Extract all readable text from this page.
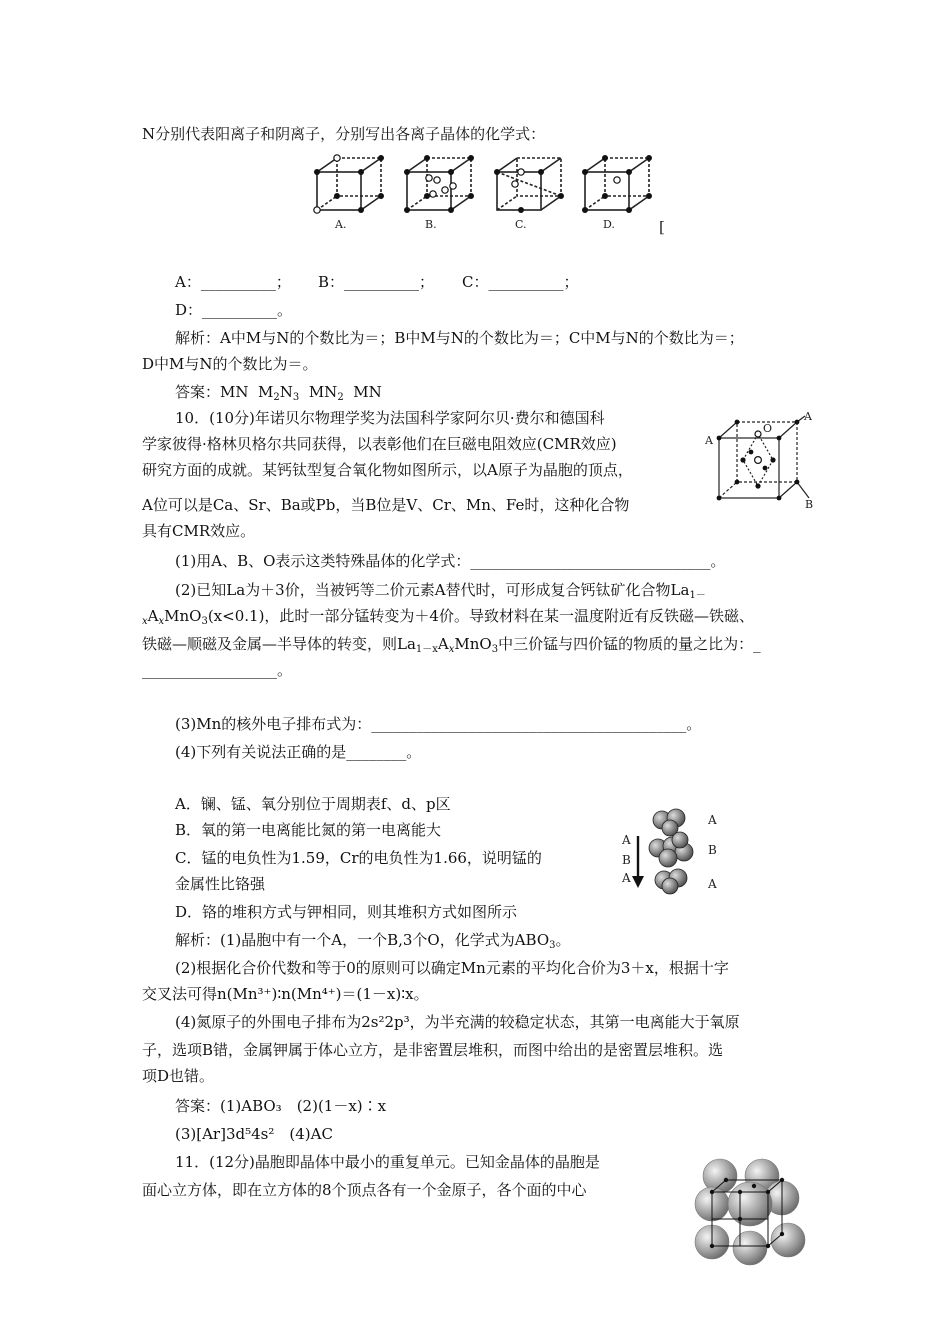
N分别代表阳离子和阴离子，分别写出各离子晶体的化学式：
A.	B.	C.	D.	[
A：__________； B：__________； C：__________；
D：__________。
解析：A中M与N的个数比为＝；B中M与N的个数比为＝；C中M与N的个数比为＝；
D中M与N的个数比为＝。
答案：MN $M_2N_3$ $MN_2$ MN
10．(10分)年诺贝尔物理学奖为法国科学家阿尔贝·费尔和德国科
学家彼得·格林贝格尔共同获得，以表彰他们在巨磁电阻效应(CMR效应)
研究方面的成就。某钙钛型复合氧化物如图所示，以A原子为晶胞的顶点，
A位可以是Ca、Sr、Ba或Pb，当B位是V、Cr、Mn、Fe时，这种化合物
具有CMR效应。
A
A
O
B
(1)用A、B、O表示这类特殊晶体的化学式：________________________________。
(2)已知La为＋3价，当被钙等二价元素A替代时，可形成复合钙钛矿化合物$La_{1-}$
$_xA_xMnO_3(x<0.1)$，此时一部分锰转变为＋4价。导致材料在某一温度附近有反铁磁—铁磁、
铁磁—顺磁及金属—半导体的转变，则$La_{1-x}A_xMnO_3$中三价锰与四价锰的物质的量之比为：_
__________________。
(3)Mn的核外电子排布式为：__________________________________________。
(4)下列有关说法正确的是________。
A．镧、锰、氧分别位于周期表f、d、p区
B．氧的第一电离能比氮的第一电离能大
C．锰的电负性为1.59，Cr的电负性为1.66，说明锰的
金属性比铬强
D．铬的堆积方式与钾相同，则其堆积方式如图所示
A
B
A
A
B
A
解析：(1)晶胞中有一个A，一个B,3个O，化学式为$ABO_3$。
(2)根据化合价代数和等于0的原则可以确定Mn元素的平均化合价为3＋x，根据十字
交叉法可得n(Mn³⁺)∶n(Mn⁴⁺)＝(1－x)∶x。
(4)氮原子的外围电子排布为2s²2p³，为半充满的较稳定状态，其第一电离能大于氧原
子，选项B错，金属钾属于体心立方，是非密置层堆积，而图中给出的是密置层堆积。选
项D也错。
答案：(1)ABO₃　(2)(1－x)∶x
(3)[Ar]3d⁵4s²　(4)AC
11．(12分)晶胞即晶体中最小的重复单元。已知金晶体的晶胞是
面心立方体，即在立方体的8个顶点各有一个金原子，各个面的中心
